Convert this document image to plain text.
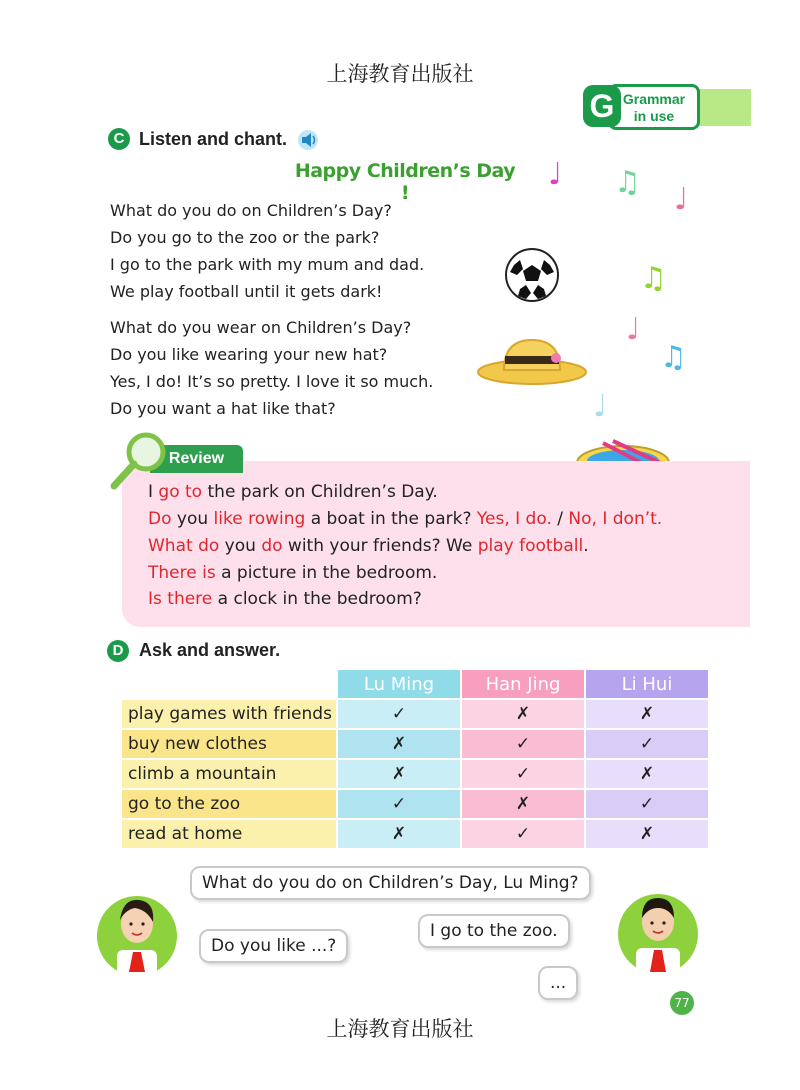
上海教育出版社
Grammar
in use
G
C Listen and chant.
Happy Children’s Day !
What do you do on Children’s Day?
Do you go to the zoo or the park?
I go to the park with my mum and dad.
We play football until it gets dark!
What do you wear on Children’s Day?
Do you like wearing your new hat?
Yes, I do! It’s so pretty. I love it so much.
Do you want a hat like that?
♩ ♫ ♩
♫
♩
♫
♩
Review
I go to the park on Children’s Day.
Do you like rowing a boat in the park? Yes, I do. / No, I don’t.
What do you do with your friends? We play football.
There is a picture in the bedroom.
Is there a clock in the bedroom?
D Ask and answer.
	Lu Ming	Han Jing	Li Hui
play games with friends	✓	✗	✗
buy new clothes	✗	✓	✓
climb a mountain	✗	✓	✗
go to the zoo	✓	✗	✓
read at home	✗	✓	✗
What do you do on Children’s Day, Lu Ming?
Do you like ...?
I go to the zoo.
...
77
上海教育出版社
